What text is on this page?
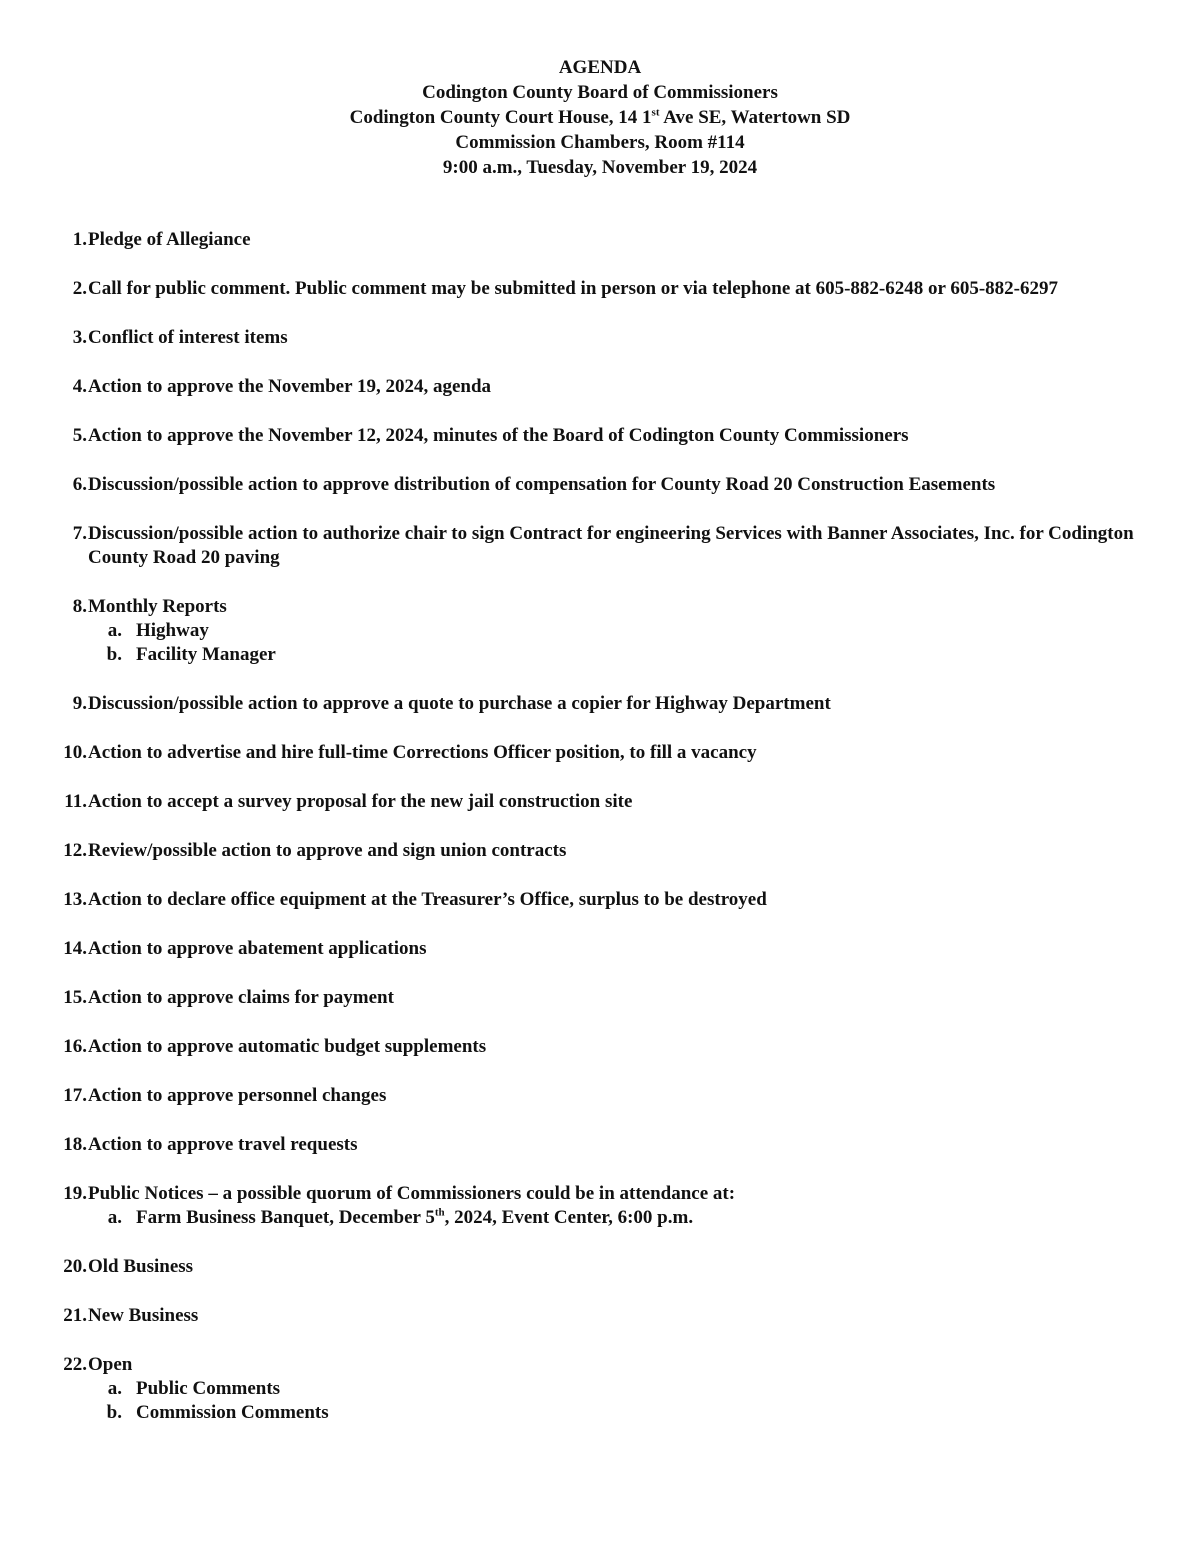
AGENDA
Codington County Board of Commissioners
Codington County Court House, 14 1st Ave SE, Watertown SD
Commission Chambers, Room #114
9:00 a.m., Tuesday, November 19, 2024
1. Pledge of Allegiance
2. Call for public comment. Public comment may be submitted in person or via telephone at 605-882-6248 or 605-882-6297
3. Conflict of interest items
4. Action to approve the November 19, 2024, agenda
5. Action to approve the November 12, 2024, minutes of the Board of Codington County Commissioners
6. Discussion/possible action to approve distribution of compensation for County Road 20 Construction Easements
7. Discussion/possible action to authorize chair to sign Contract for engineering Services with Banner Associates, Inc. for Codington County Road 20 paving
8. Monthly Reports
a. Highway
b. Facility Manager
9. Discussion/possible action to approve a quote to purchase a copier for Highway Department
10. Action to advertise and hire full-time Corrections Officer position, to fill a vacancy
11. Action to accept a survey proposal for the new jail construction site
12. Review/possible action to approve and sign union contracts
13. Action to declare office equipment at the Treasurer’s Office, surplus to be destroyed
14. Action to approve abatement applications
15. Action to approve claims for payment
16. Action to approve automatic budget supplements
17. Action to approve personnel changes
18. Action to approve travel requests
19. Public Notices – a possible quorum of Commissioners could be in attendance at:
a. Farm Business Banquet, December 5th, 2024, Event Center, 6:00 p.m.
20. Old Business
21. New Business
22. Open
a. Public Comments
b. Commission Comments
